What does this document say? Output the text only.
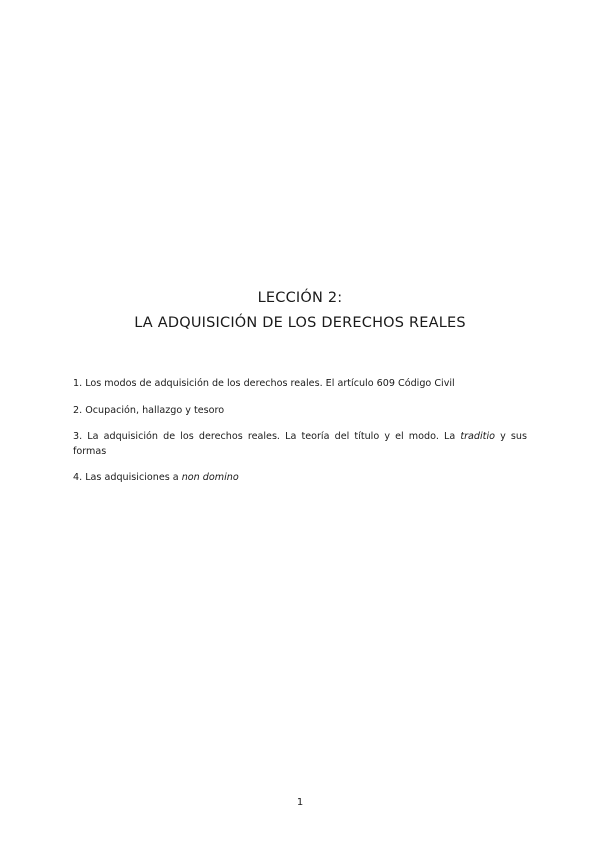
LECCIÓN 2:
LA ADQUISICIÓN DE LOS DERECHOS REALES
1. Los modos de adquisición de los derechos reales. El artículo 609 Código Civil
2. Ocupación, hallazgo y tesoro
3. La adquisición de los derechos reales. La teoría del título y el modo. La traditio y sus formas
4. Las adquisiciones a non domino
1
